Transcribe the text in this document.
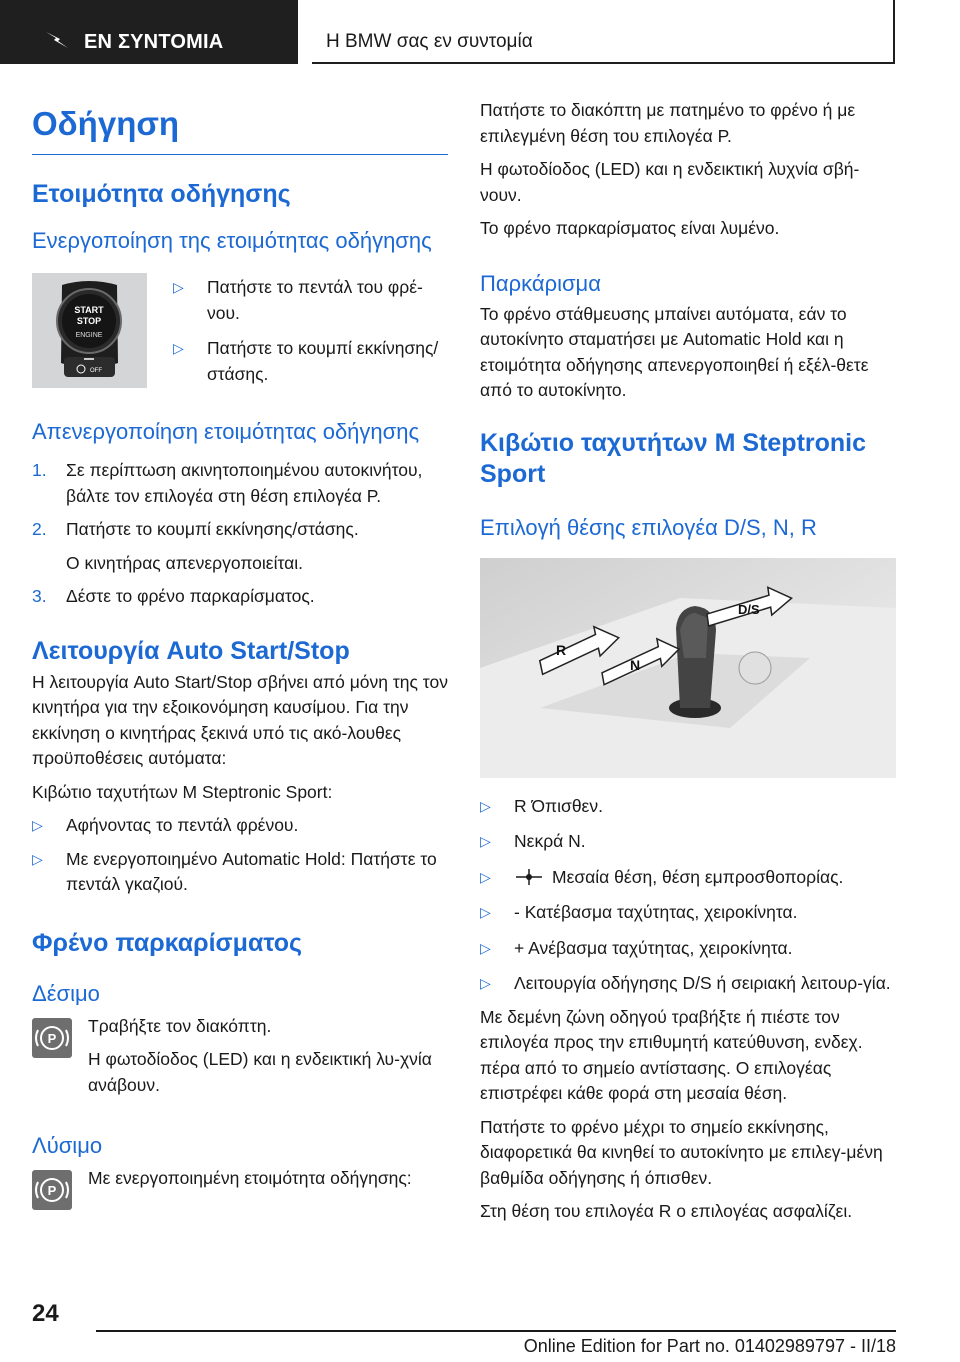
ΕΝ ΣΥΝΤΟΜΙΑ	Η BMW σας εν συντομία
Οδήγηση
Ετοιμότητα οδήγησης
Ενεργοποίηση της ετοιμότητας οδήγησης
START
STOP
ENGINE
OFF
▷ Πατήστε το πεντάλ του φρέ-νου.
▷ Πατήστε το κουμπί εκκίνησης/στάσης.
Απενεργοποίηση ετοιμότητας οδήγησης
1. Σε περίπτωση ακινητοποιημένου αυτοκινήτου, βάλτε τον επιλογέα στη θέση επιλογέα P.
2. Πατήστε το κουμπί εκκίνησης/στάσης.
Ο κινητήρας απενεργοποιείται.
3. Δέστε το φρένο παρκαρίσματος.
Λειτουργία Auto Start/Stop

Η λειτουργία Auto Start/Stop σβήνει από μόνη της τον κινητήρα για την εξοικονόμηση καυσίμου. Για την εκκίνηση ο κινητήρας ξεκινά υπό τις ακό-λουθες προϋποθέσεις αυτόματα:

Κιβώτιο ταχυτήτων M Steptronic Sport:

▷ Αφήνοντας το πεντάλ φρένου.
▷ Με ενεργοποιημένο Automatic Hold: Πατήστε το πεντάλ γκαζιού.
Φρένο παρκαρίσματος
Δέσιμο
P

Τραβήξτε τον διακόπτη.

Η φωτοδίοδος (LED) και η ενδεικτική λυ-χνία ανάβουν.

Λύσιμο
P

Με ενεργοποιημένη ετοιμότητα οδήγησης:

Πατήστε το διακόπτη με πατημένο το φρένο ή με επιλεγμένη θέση του επιλογέα P.

Η φωτοδίοδος (LED) και η ενδεικτική λυχνία σβή-νουν.

Το φρένο παρκαρίσματος είναι λυμένο.

Παρκάρισμα

Το φρένο στάθμευσης μπαίνει αυτόματα, εάν το αυτοκίνητο σταματήσει με Automatic Hold και η ετοιμότητα οδήγησης απενεργοποιηθεί ή εξέλ-θετε από το αυτοκίνητο.

Κιβώτιο ταχυτήτων M Steptronic Sport
Επιλογή θέσης επιλογέα D/S, N, R
R
N
D/S
▷ R Όπισθεν.
▷ Νεκρά N.
▷	Μεσαία θέση, θέση εμπροσθοπορίας.
▷ - Κατέβασμα ταχύτητας, χειροκίνητα.
▷ + Ανέβασμα ταχύτητας, χειροκίνητα.
▷ Λειτουργία οδήγησης D/S ή σειριακή λειτουρ-γία.

Με δεμένη ζώνη οδηγού τραβήξτε ή πιέστε τον επιλογέα προς την επιθυμητή κατεύθυνση, ενδεχ. πέρα από το σημείο αντίστασης. Ο επιλογέας επιστρέφει κάθε φορά στη μεσαία θέση.

Πατήστε το φρένο μέχρι το σημείο εκκίνησης, διαφορετικά θα κινηθεί το αυτοκίνητο με επιλεγ-μένη βαθμίδα οδήγησης ή όπισθεν.

Στη θέση του επιλογέα R ο επιλογέας ασφαλίζει.

24
Online Edition for Part no. 01402989797 - II/18
